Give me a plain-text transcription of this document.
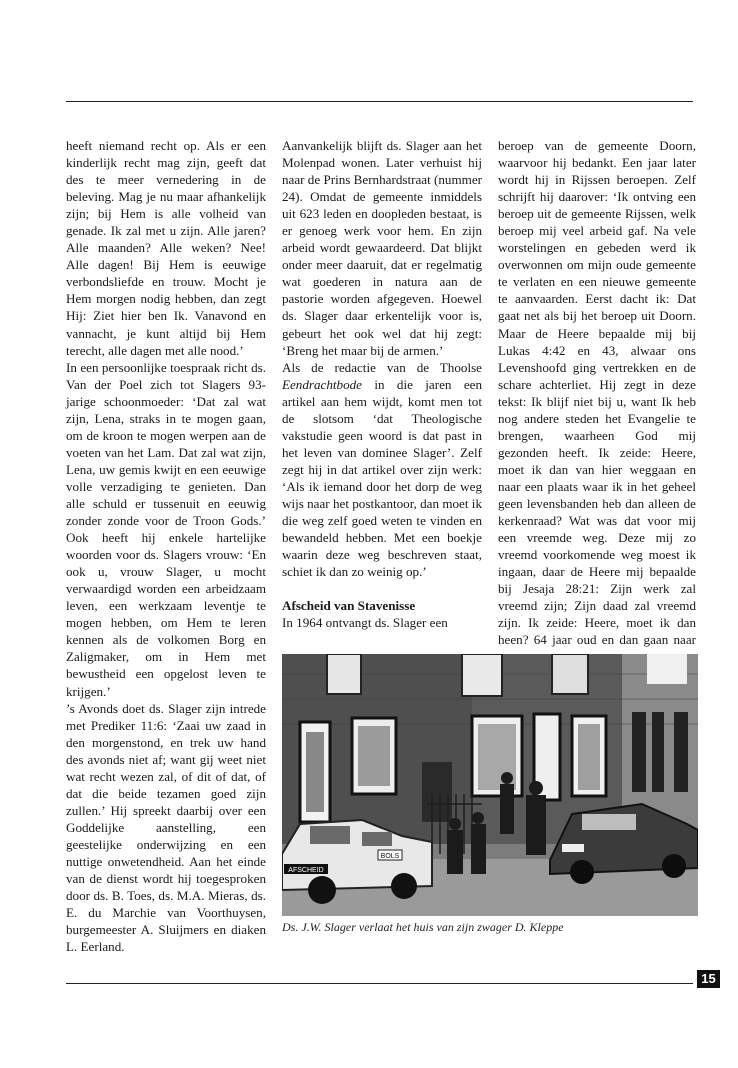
heeft niemand recht op. Als er een kinderlijk recht mag zijn, geeft dat des te meer vernedering in de beleving. Mag je nu maar afhankelijk zijn; bij Hem is alle volheid van genade. Ik zal met u zijn. Alle jaren? Alle maanden? Alle weken? Nee! Alle dagen! Bij Hem is eeuwige verbondsliefde en trouw. Mocht je Hem morgen nodig hebben, dan zegt Hij: Ziet hier ben Ik. Vanavond en vannacht, je kunt altijd bij Hem terecht, alle dagen met alle nood.’

In een persoonlijke toespraak richt ds. Van der Poel zich tot Slagers 93-jarige schoonmoeder: ‘Dat zal wat zijn, Lena, straks in te mogen gaan, om de kroon te mogen werpen aan de voeten van het Lam. Dat zal wat zijn, Lena, uw gemis kwijt en een eeuwige volle verzadiging te genieten. Dan alle schuld er tussenuit en eeuwig zonder zonde voor de Troon Gods.’ Ook heeft hij enkele hartelijke woorden voor ds. Slagers vrouw: ‘En ook u, vrouw Slager, u mocht verwaardigd worden een arbeidzaam leven, een werkzaam leventje te mogen hebben, om Hem te leren kennen als de volkomen Borg en Zaligmaker, om in Hem met bewustheid een opgelost leven te krijgen.’

’s Avonds doet ds. Slager zijn intrede met Prediker 11:6: ‘Zaai uw zaad in den morgenstond, en trek uw hand des avonds niet af; want gij weet niet wat recht wezen zal, of dit of dat, of dat die beide tezamen goed zijn zullen.’ Hij spreekt daarbij over een Goddelijke aanstelling, een geestelijke onderwijzing en een nuttige onwetendheid. Aan het einde van de dienst wordt hij toegesproken door ds. B. Toes, ds. M.A. Mieras, ds. E. du Marchie van Voorthuysen, burgemeester A. Sluijmers en diaken L. Eerland.

Aanvankelijk blijft ds. Slager aan het Molenpad wonen. Later verhuist hij naar de Prins Bernhardstraat (nummer 24). Omdat de gemeente inmiddels uit 623 leden en doopleden bestaat, is er genoeg werk voor hem. En zijn arbeid wordt gewaardeerd. Dat blijkt onder meer daaruit, dat er regelmatig wat goederen in natura aan de pastorie worden afgegeven. Hoewel ds. Slager daar erkentelijk voor is, gebeurt het ook wel dat hij zegt: ‘Breng het maar bij de armen.’

Als de redactie van de Thoolse Eendrachtbode in die jaren een artikel aan hem wijdt, komt men tot de slotsom ‘dat Theologische vakstudie geen woord is dat past in het leven van dominee Slager’. Zelf zegt hij in dat artikel over zijn werk: ‘Als ik iemand door het dorp de weg wijs naar het postkantoor, dan moet ik die weg zelf goed weten te vinden en bewandeld hebben. Met een boekje waarin deze weg beschreven staat, schiet ik dan zo weinig op.’

Afscheid van Stavenisse

In 1964 ontvangt ds. Slager een

beroep van de gemeente Doorn, waarvoor hij bedankt. Een jaar later wordt hij in Rijssen beroepen. Zelf schrijft hij daarover: ‘Ik ontving een beroep uit de gemeente Rijssen, welk beroep mij veel arbeid gaf. Na vele worstelingen en gebeden werd ik overwonnen om mijn oude gemeente te verlaten en een nieuwe gemeente te aanvaarden. Eerst dacht ik: Dat gaat net als bij het beroep uit Doorn. Maar de Heere bepaalde mij bij Lukas 4:42 en 43, alwaar ons Levenshoofd ging vertrekken en de schare achterliet. Hij zegt in deze tekst: Ik blijf niet bij u, want Ik heb nog andere steden het Evangelie te brengen, waarheen God mij gezonden heeft. Ik zeide: Heere, moet ik dan van hier weggaan en naar een plaats waar ik in het geheel geen levensbanden heb dan alleen de kerkenraad? Wat was dat voor mij een vreemde weg. Deze mij zo vreemd voorkomende weg moest ik ingaan, daar de Heere mij bepaalde bij Jesaja 28:21: Zijn werk zal vreemd zijn; Zijn daad zal vreemd zijn. Ik zeide: Heere, moet ik dan heen? 64 jaar oud en dan gaan naar

AFSCHEID
BOLS
Ds. J.W. Slager verlaat het huis van zijn zwager D. Kleppe
15
